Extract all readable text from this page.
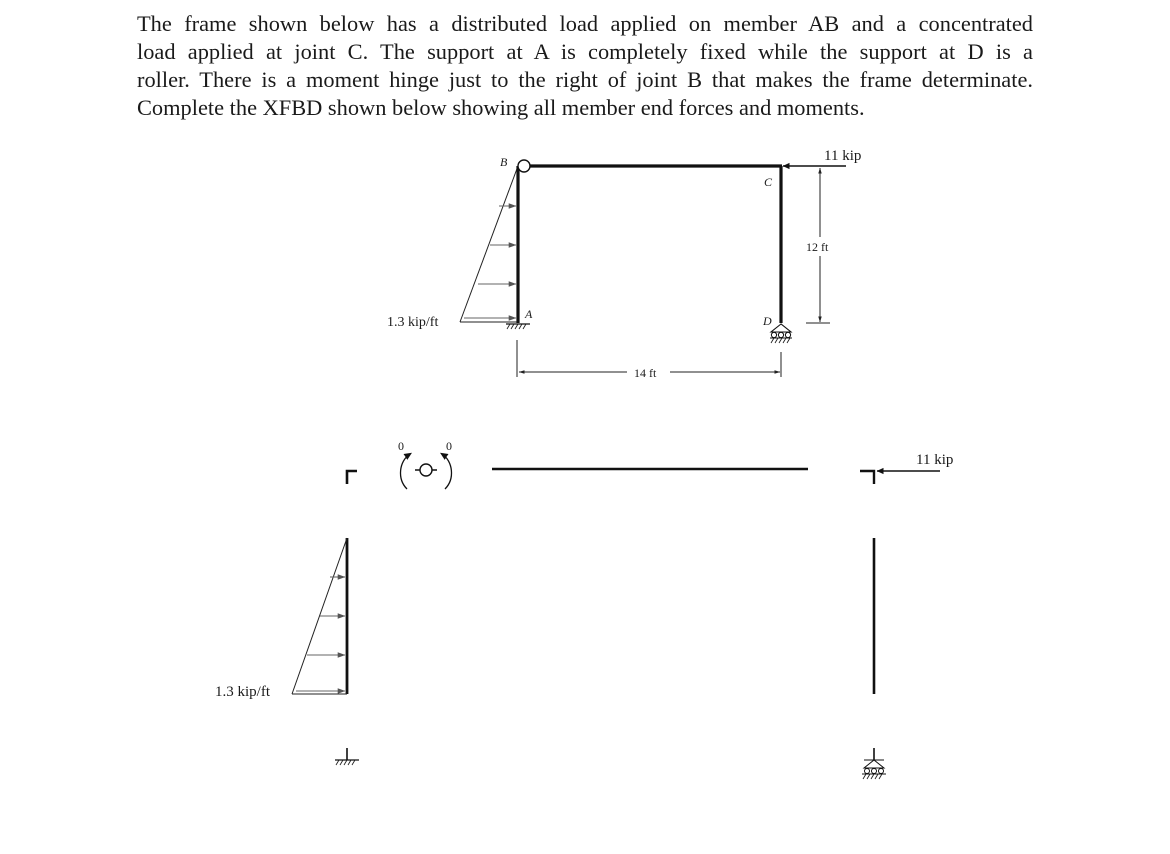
The frame shown below has a distributed load applied on member AB and a concentrated
load applied at joint C. The support at A is completely fixed while the support at D is a
roller. There is a moment hinge just to the right of joint B that makes the frame determinate.
Complete the XFBD shown below showing all member end forces and moments.
1.3 kip/ft
B
C
A	D
11 kip
12 ft
14 ft
0	0
11 kip
1.3 kip/ft
